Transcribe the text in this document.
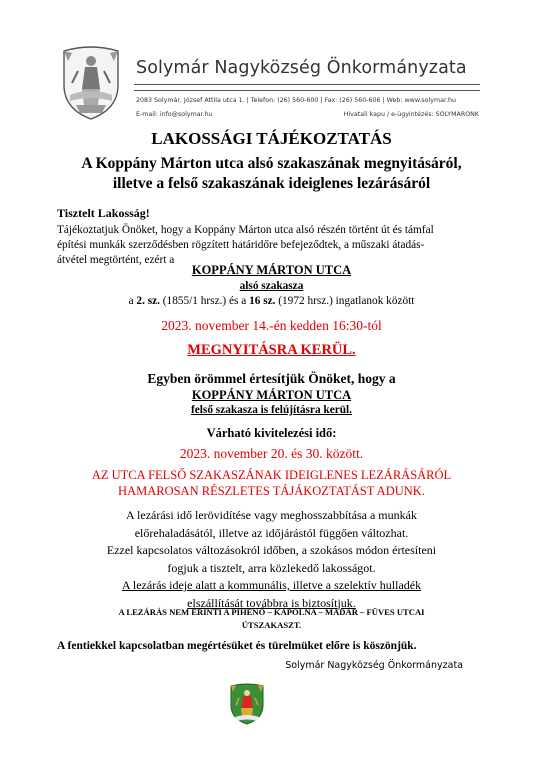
Solymár Nagyközség Önkormányzata
2083 Solymár, József Attila utca 1. | Telefon: (26) 560-600 | Fax: (26) 560-606 | Web: www.solymar.hu
E-mail: info@solymar.hu	Hivatali kapu / e-ügyintézés: SOLYMARONK
LAKOSSÁGI TÁJÉKOZTATÁS
A Koppány Márton utca alsó szakaszának megnyitásáról,
illetve a felső szakaszának ideiglenes lezárásáról
Tisztelt Lakosság!
Tájékoztatjuk Önöket, hogy a Koppány Márton utca alsó részén történt út és támfal
építési munkák szerződésben rögzített határidőre befejeződtek, a műszaki átadás-
átvétel megtörtént, ezért a
KOPPÁNY MÁRTON UTCA
alsó szakasza
a 2. sz. (1855/1 hrsz.) és a 16 sz. (1972 hrsz.) ingatlanok között
2023. november 14.-én kedden 16:30-tól
MEGNYITÁSRA KERÜL.
Egyben örömmel értesítjük Önöket, hogy a
KOPPÁNY MÁRTON UTCA
felső szakasza is felújításra kerül.
Várható kivitelezési idő:
2023. november 20. és 30. között.
AZ UTCA FELSŐ SZAKASZÁNAK IDEIGLENES LEZÁRÁSÁRÓL
HAMAROSAN RÉSZLETES TÁJÁKOZTATÁST ADUNK.
A lezárási idő lerövidítése vagy meghosszabbítása a munkák
előrehaladásától, illetve az időjárástól függően változhat.
Ezzel kapcsolatos változásokról időben, a szokásos módon értesíteni
fogjuk a tisztelt, arra közlekedő lakosságot.
A lezárás ideje alatt a kommunális, illetve a szelektív hulladék
elszállítását továbbra is biztosítjuk.
A LEZÁRÁS NEM ÉRINTI A PIHENŐ – KÁPOLNA – MADÁR – FÜVES UTCAI
ÚTSZAKASZT.
A fentiekkel kapcsolatban megértésüket és türelmüket előre is köszönjük.
Solymár Nagyközség Önkormányzata
